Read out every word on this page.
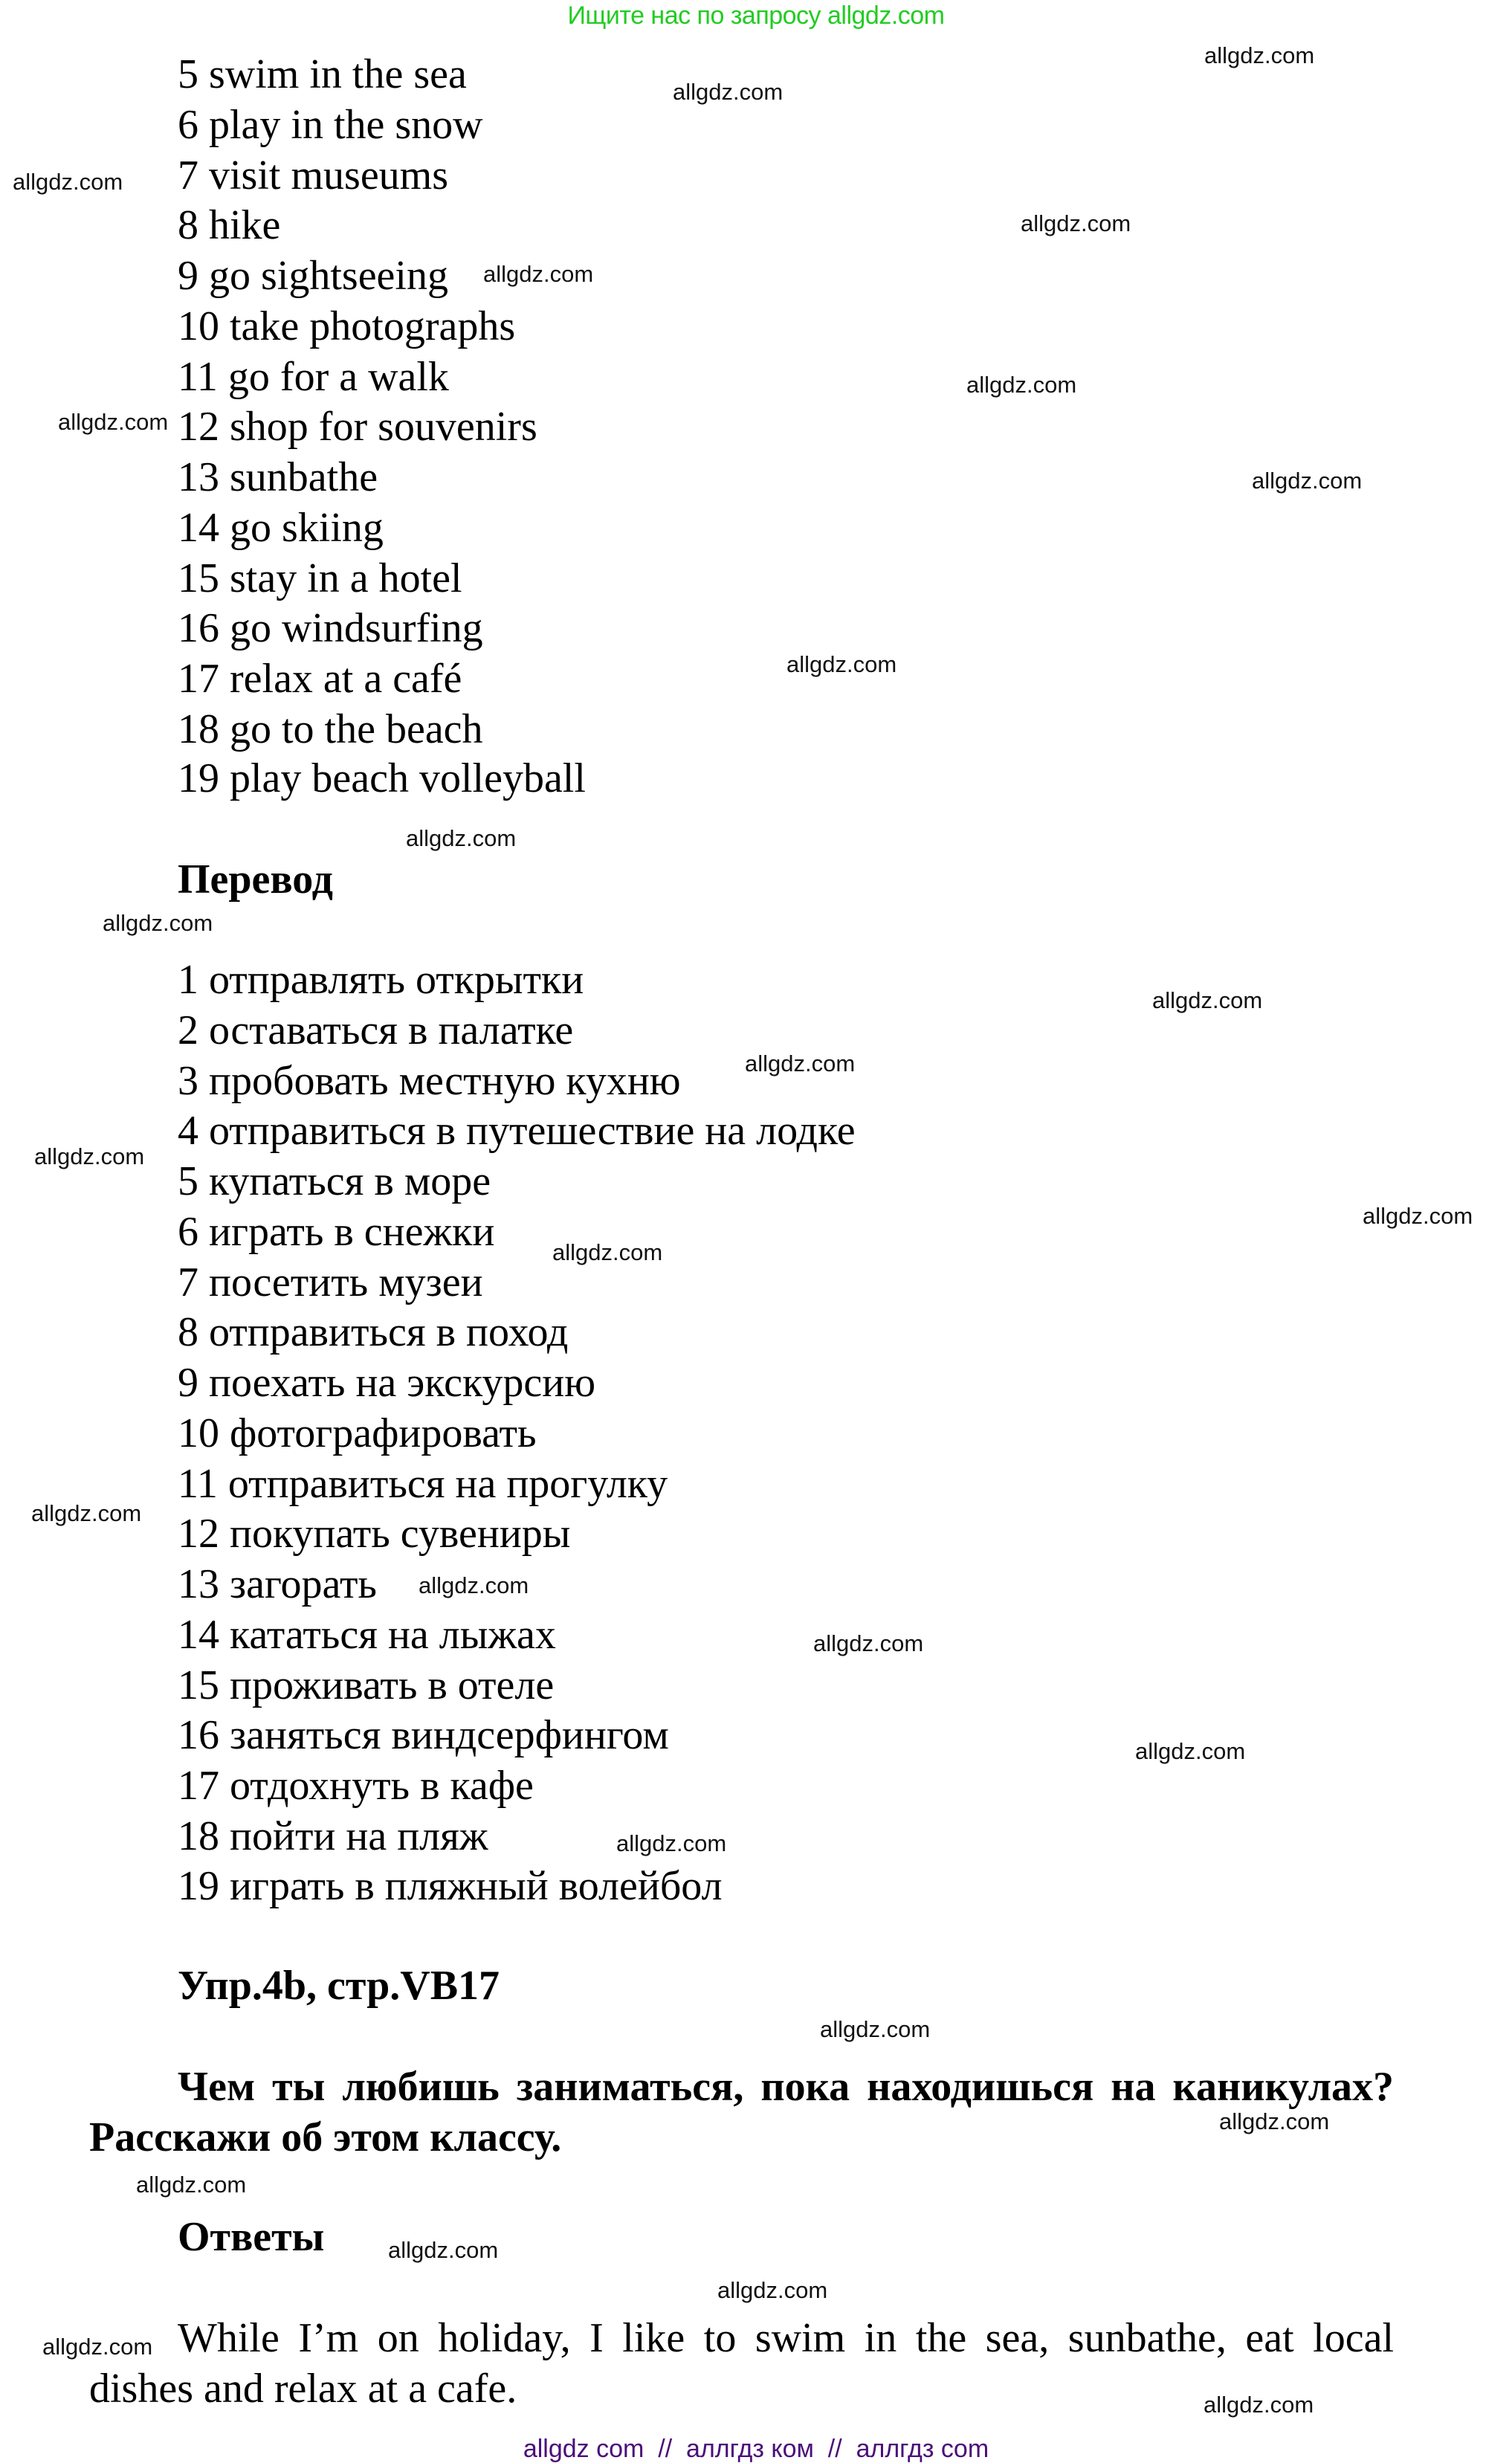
Ищите нас по запросу allgdz.com
5 swim in the sea
6 play in the snow
7 visit museums
8 hike
9 go sightseeing
10 take photographs
11 go for a walk
12 shop for souvenirs
13 sunbathe
14 go skiing
15 stay in a hotel
16 go windsurfing
17 relax at a café
18 go to the beach
19 play beach volleyball
Перевод
1 отправлять открытки
2 оставаться в палатке
3 пробовать местную кухню
4 отправиться в путешествие на лодке
5 купаться в море
6 играть в снежки
7 посетить музеи
8 отправиться в поход
9 поехать на экскурсию
10 фотографировать
11 отправиться на прогулку
12 покупать сувениры
13 загорать
14 кататься на лыжах
15 проживать в отеле
16 заняться виндсерфингом
17 отдохнуть в кафе
18 пойти на пляж
19 играть в пляжный волейбол
Упр.4b, стр.VB17
Чем ты любишь заниматься, пока находишься на каникулах? Расскажи об этом классу.
Ответы
While I’m on holiday, I like to swim in the sea, sunbathe, eat local dishes and relax at a cafe.
allgdz.com
allgdz.com
allgdz.com
allgdz.com
allgdz.com
allgdz.com
allgdz.com
allgdz.com
allgdz.com
allgdz.com
allgdz.com
allgdz.com
allgdz.com
allgdz.com
allgdz.com
allgdz.com
allgdz.com
allgdz.com
allgdz.com
allgdz.com
allgdz.com
allgdz.com
allgdz.com
allgdz.com
allgdz.com
allgdz.com
allgdz.com
allgdz.com
allgdz com  //  аллгдз ком  //  аллгдз com
